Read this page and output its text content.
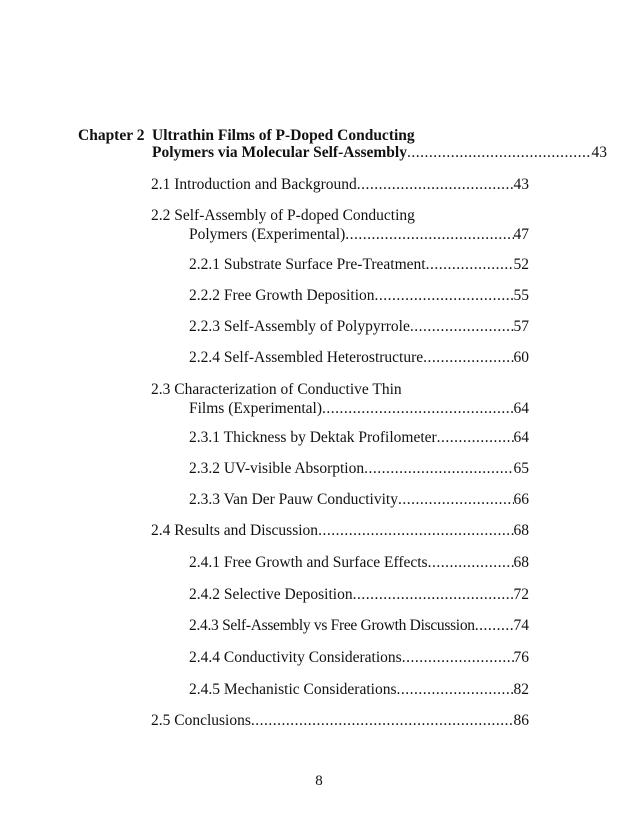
Chapter 2 Ultrathin Films of P-Doped Conducting
Polymers via Molecular Self-Assembly .....	43
2.1 Introduction and Background .....	43
2.2 Self-Assembly of P-doped Conducting
Polymers (Experimental) .....	47
2.2.1 Substrate Surface Pre-Treatment .....	52
2.2.2 Free Growth Deposition .....	55
2.2.3 Self-Assembly of Polypyrrole .....	57
2.2.4 Self-Assembled Heterostructure .....	60
2.3 Characterization of Conductive Thin
Films (Experimental) .....	64
2.3.1 Thickness by Dektak Profilometer .....	64
2.3.2 UV-visible Absorption .....	65
2.3.3 Van Der Pauw Conductivity .....	66
2.4 Results and Discussion .....	68
2.4.1 Free Growth and Surface Effects .....	68
2.4.2 Selective Deposition .....	72
2.4.3 Self-Assembly vs Free Growth Discussion .....	74
2.4.4 Conductivity Considerations .....	76
2.4.5 Mechanistic Considerations .....	82
2.5 Conclusions .....	86
8
